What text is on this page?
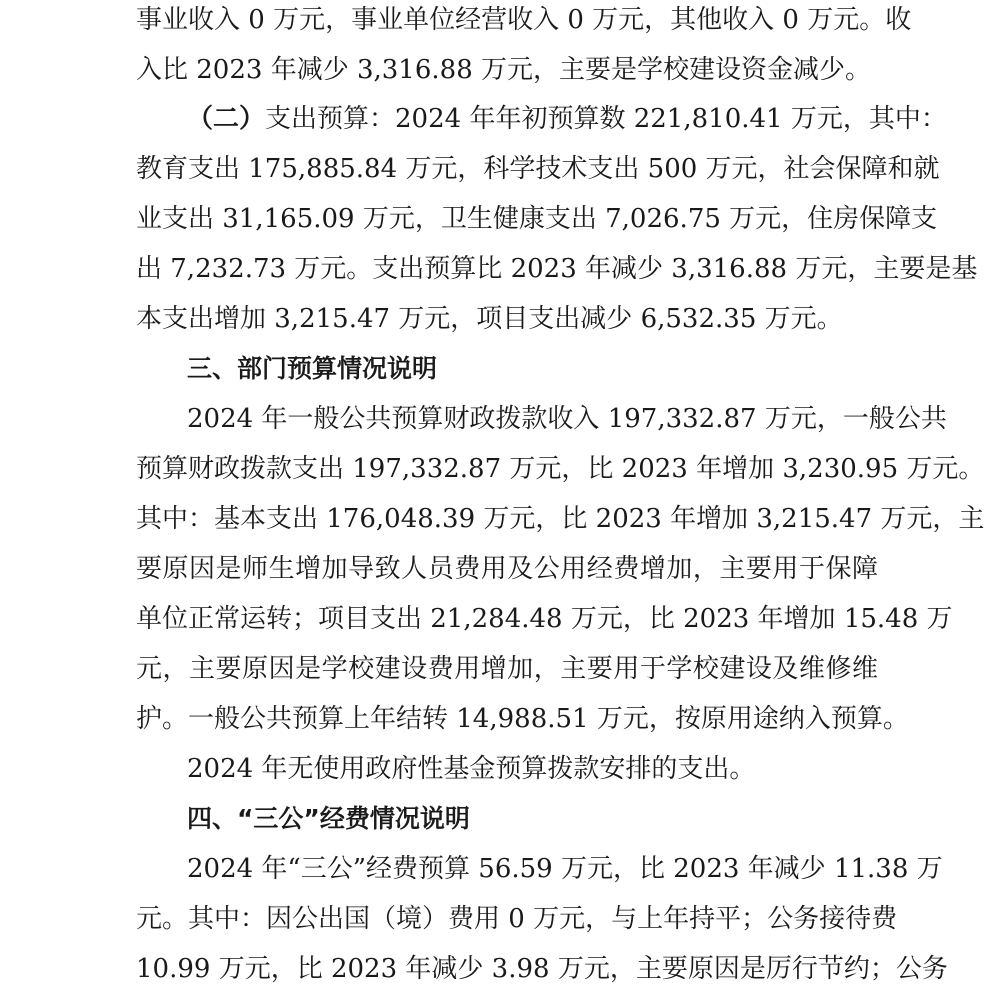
事业收入 0 万元，事业单位经营收入 0 万元，其他收入 0 万元。收
入比 2023 年减少 3,316.88 万元，主要是学校建设资金减少。
（二）支出预算：2024 年年初预算数 221,810.41 万元，其中：
教育支出 175,885.84 万元，科学技术支出 500 万元，社会保障和就
业支出 31,165.09 万元，卫生健康支出 7,026.75 万元，住房保障支
出 7,232.73 万元。支出预算比 2023 年减少 3,316.88 万元，主要是基
本支出增加 3,215.47 万元，项目支出减少 6,532.35 万元。
三、部门预算情况说明
2024 年一般公共预算财政拨款收入 197,332.87 万元，一般公共
预算财政拨款支出 197,332.87 万元，比 2023 年增加 3,230.95 万元。
其中：基本支出 176,048.39 万元，比 2023 年增加 3,215.47 万元，主
要原因是师生增加导致人员费用及公用经费增加，主要用于保障
单位正常运转；项目支出 21,284.48 万元，比 2023 年增加 15.48 万
元，主要原因是学校建设费用增加，主要用于学校建设及维修维
护。一般公共预算上年结转 14,988.51 万元，按原用途纳入预算。
2024 年无使用政府性基金预算拨款安排的支出。
四、“三公”经费情况说明
2024 年“三公”经费预算 56.59 万元，比 2023 年减少 11.38 万
元。其中：因公出国（境）费用 0 万元，与上年持平；公务接待费
10.99 万元，比 2023 年减少 3.98 万元，主要原因是厉行节约；公务
